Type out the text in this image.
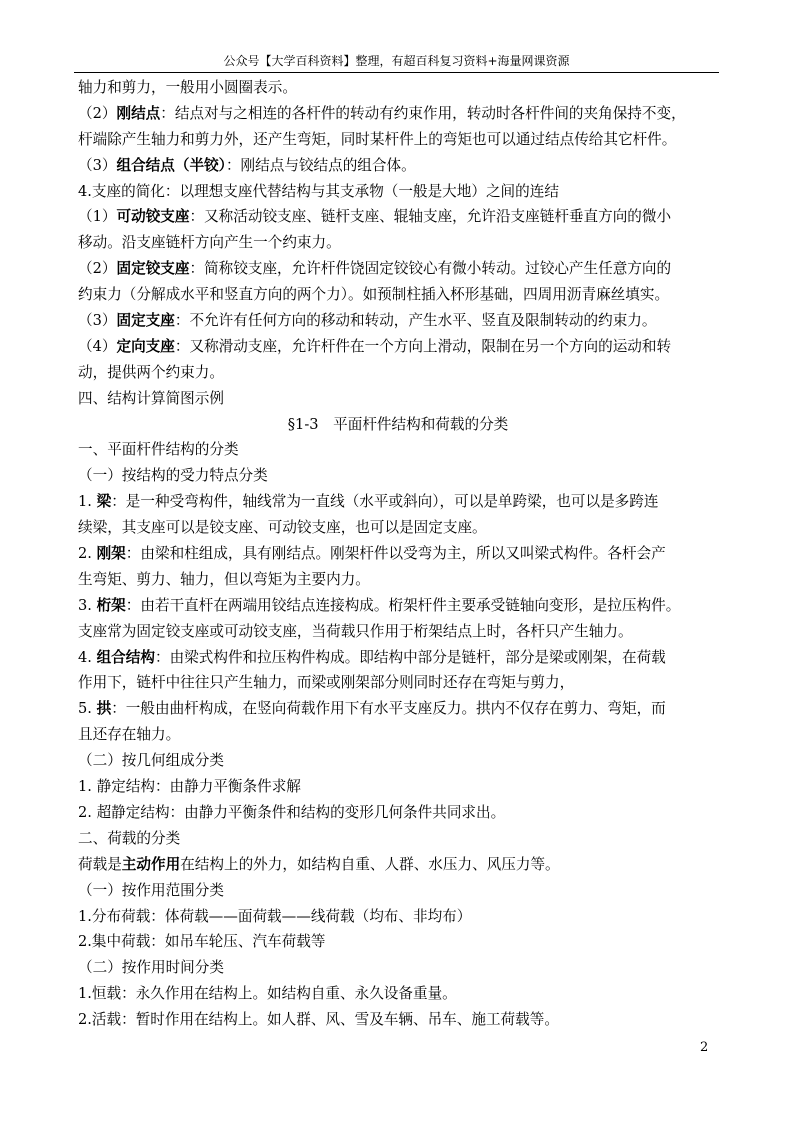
公众号【大学百科资料】整理，有超百科复习资料+海量网课资源
轴力和剪力，一般用小圆圈表示。
（2）刚结点：结点对与之相连的各杆件的转动有约束作用，转动时各杆件间的夹角保持不变，
杆端除产生轴力和剪力外，还产生弯矩，同时某杆件上的弯矩也可以通过结点传给其它杆件。
（3）组合结点（半铰）：刚结点与铰结点的组合体。
4.支座的简化：以理想支座代替结构与其支承物（一般是大地）之间的连结
（1）可动铰支座：又称活动铰支座、链杆支座、辊轴支座，允许沿支座链杆垂直方向的微小
移动。沿支座链杆方向产生一个约束力。
（2）固定铰支座：简称铰支座，允许杆件饶固定铰铰心有微小转动。过铰心产生任意方向的
约束力（分解成水平和竖直方向的两个力）。如预制柱插入杯形基础，四周用沥青麻丝填实。
（3）固定支座：不允许有任何方向的移动和转动，产生水平、竖直及限制转动的约束力。
（4）定向支座：又称滑动支座，允许杆件在一个方向上滑动，限制在另一个方向的运动和转
动，提供两个约束力。
四、结构计算简图示例
§1-3　平面杆件结构和荷载的分类
一、平面杆件结构的分类
（一）按结构的受力特点分类
1. 梁：是一种受弯构件，轴线常为一直线（水平或斜向），可以是单跨梁，也可以是多跨连
续梁，其支座可以是铰支座、可动铰支座，也可以是固定支座。
2. 刚架：由梁和柱组成，具有刚结点。刚架杆件以受弯为主，所以又叫梁式构件。各杆会产
生弯矩、剪力、轴力，但以弯矩为主要内力。
3. 桁架：由若干直杆在两端用铰结点连接构成。桁架杆件主要承受链轴向变形，是拉压构件。
支座常为固定铰支座或可动铰支座，当荷载只作用于桁架结点上时，各杆只产生轴力。
4. 组合结构：由梁式构件和拉压构件构成。即结构中部分是链杆，部分是梁或刚架，在荷载
作用下，链杆中往往只产生轴力，而梁或刚架部分则同时还存在弯矩与剪力，
5. 拱：一般由曲杆构成，在竖向荷载作用下有水平支座反力。拱内不仅存在剪力、弯矩，而
且还存在轴力。
（二）按几何组成分类
1. 静定结构：由静力平衡条件求解
2. 超静定结构：由静力平衡条件和结构的变形几何条件共同求出。
二、荷载的分类
荷载是主动作用在结构上的外力，如结构自重、人群、水压力、风压力等。
（一）按作用范围分类
1.分布荷载：体荷载——面荷载——线荷载（均布、非均布）
2.集中荷载：如吊车轮压、汽车荷载等
（二）按作用时间分类
1.恒载：永久作用在结构上。如结构自重、永久设备重量。
2.活载：暂时作用在结构上。如人群、风、雪及车辆、吊车、施工荷载等。
2
